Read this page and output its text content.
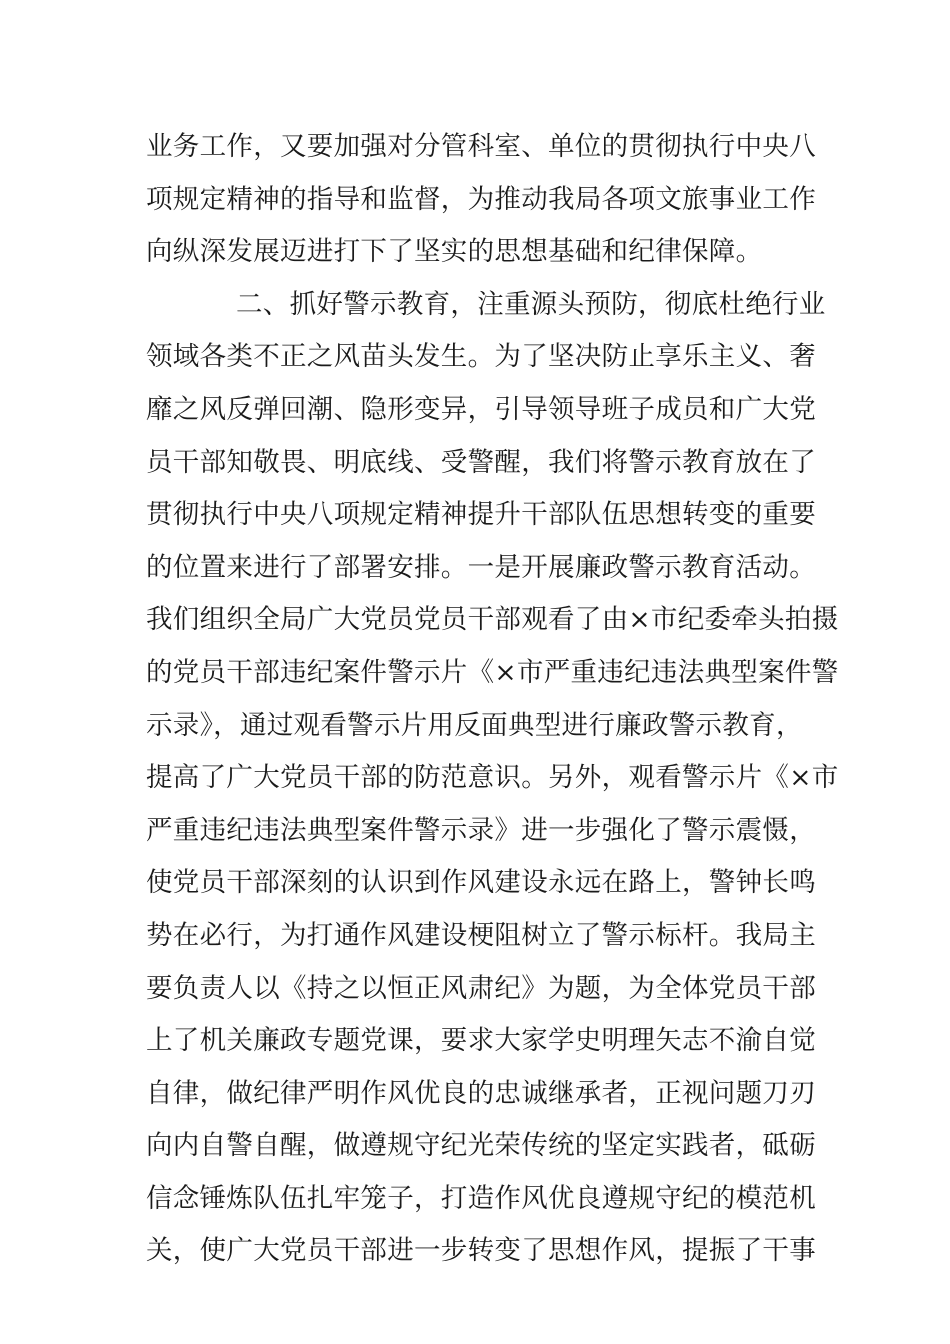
业务工作，又要加强对分管科室、单位的贯彻执行中央八
项规定精神的指导和监督，为推动我局各项文旅事业工作
向纵深发展迈进打下了坚实的思想基础和纪律保障。
二、抓好警示教育，注重源头预防，彻底杜绝行业
领域各类不正之风苗头发生。为了坚决防止享乐主义、奢
靡之风反弹回潮、隐形变异，引导领导班子成员和广大党
员干部知敬畏、明底线、受警醒，我们将警示教育放在了
贯彻执行中央八项规定精神提升干部队伍思想转变的重要
的位置来进行了部署安排。一是开展廉政警示教育活动。
我们组织全局广大党员党员干部观看了由×市纪委牵头拍摄
的党员干部违纪案件警示片《×市严重违纪违法典型案件警
示录》，通过观看警示片用反面典型进行廉政警示教育，
提高了广大党员干部的防范意识。另外，观看警示片《×市
严重违纪违法典型案件警示录》进一步强化了警示震慑，
使党员干部深刻的认识到作风建设永远在路上，警钟长鸣
势在必行，为打通作风建设梗阻树立了警示标杆。我局主
要负责人以《持之以恒正风肃纪》为题，为全体党员干部
上了机关廉政专题党课，要求大家学史明理矢志不渝自觉
自律，做纪律严明作风优良的忠诚继承者，正视问题刀刃
向内自警自醒，做遵规守纪光荣传统的坚定实践者，砥砺
信念锤炼队伍扎牢笼子，打造作风优良遵规守纪的模范机
关，使广大党员干部进一步转变了思想作风，提振了干事
